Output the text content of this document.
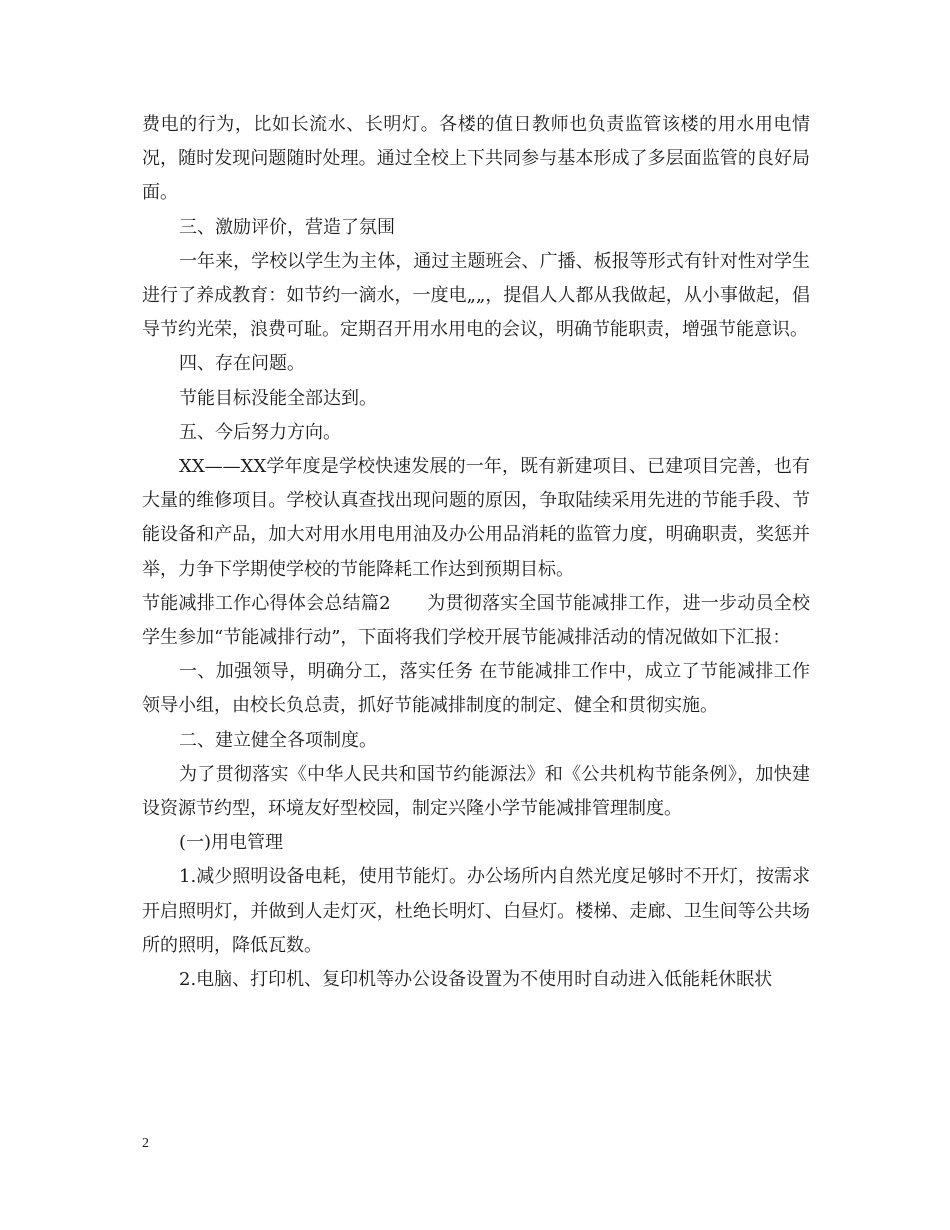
费电的行为，比如长流水、长明灯。各楼的值日教师也负责监管该楼的用水用电情况，随时发现问题随时处理。通过全校上下共同参与基本形成了多层面监管的良好局面。

三、激励评价，营造了氛围

一年来，学校以学生为主体，通过主题班会、广播、板报等形式有针对性对学生进行了养成教育：如节约一滴水，一度电„„，提倡人人都从我做起，从小事做起，倡导节约光荣，浪费可耻。定期召开用水用电的会议，明确节能职责，增强节能意识。

四、存在问题。

节能目标没能全部达到。

五、今后努力方向。

XX——XX学年度是学校快速发展的一年，既有新建项目、已建项目完善，也有大量的维修项目。学校认真查找出现问题的原因，争取陆续采用先进的节能手段、节能设备和产品，加大对用水用电用油及办公用品消耗的监管力度，明确职责，奖惩并举，力争下学期使学校的节能降耗工作达到预期目标。

节能减排工作心得体会总结篇2　　为贯彻落实全国节能减排工作，进一步动员全校学生参加“节能减排行动”，下面将我们学校开展节能减排活动的情况做如下汇报：

一、加强领导，明确分工，落实任务 在节能减排工作中，成立了节能减排工作领导小组，由校长负总责，抓好节能减排制度的制定、健全和贯彻实施。

二、建立健全各项制度。

为了贯彻落实《中华人民共和国节约能源法》和《公共机构节能条例》，加快建设资源节约型，环境友好型校园，制定兴隆小学节能减排管理制度。

(一)用电管理

1.减少照明设备电耗，使用节能灯。办公场所内自然光度足够时不开灯，按需求开启照明灯，并做到人走灯灭，杜绝长明灯、白昼灯。楼梯、走廊、卫生间等公共场所的照明，降低瓦数。

2.电脑、打印机、复印机等办公设备设置为不使用时自动进入低能耗休眠状

2
